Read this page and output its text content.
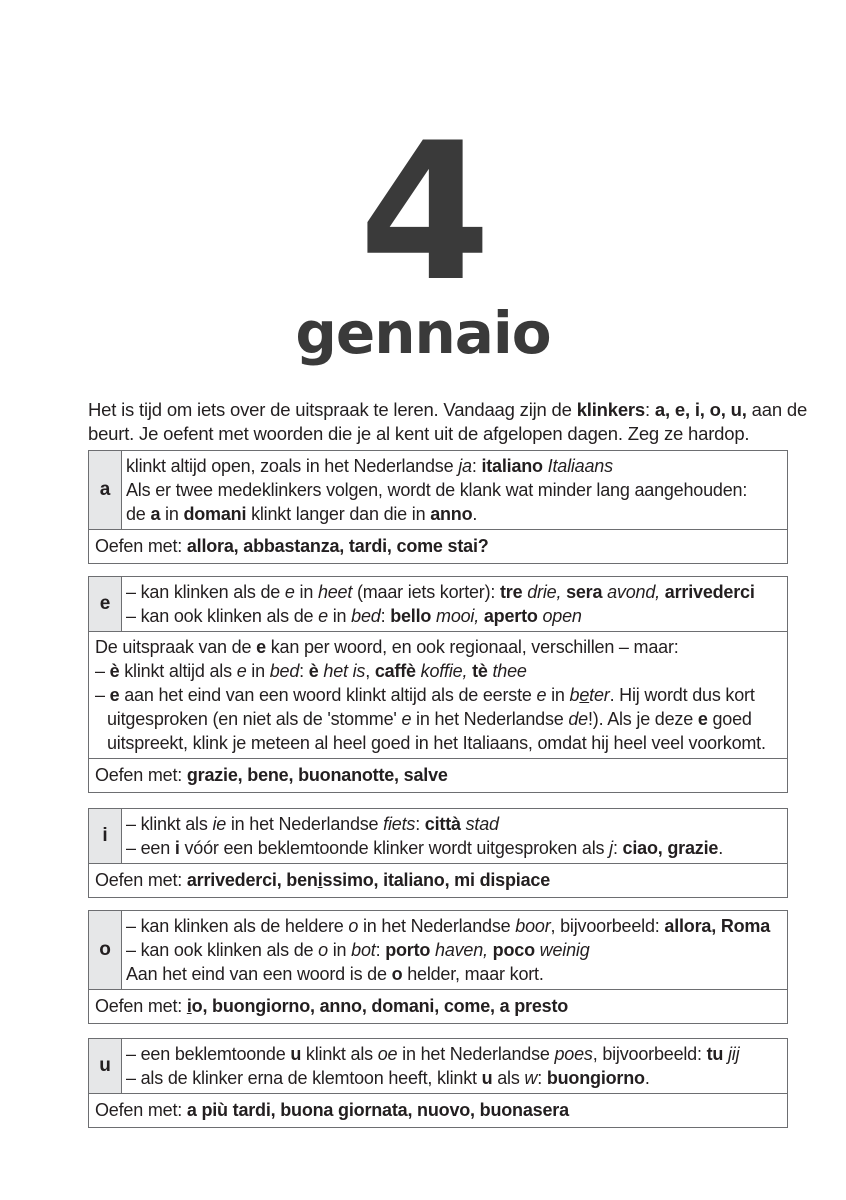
4
gennaio
Het is tijd om iets over de uitspraak te leren. Vandaag zijn de klinkers: a, e, i, o, u, aan de
beurt. Je oefent met woorden die je al kent uit de afgelopen dagen. Zeg ze hardop.
a
klinkt altijd open, zoals in het Nederlandse ja: italiano Italiaans
Als er twee medeklinkers volgen, wordt de klank wat minder lang aangehouden:
de a in domani klinkt langer dan die in anno.
Oefen met: allora, abbastanza, tardi, come stai?
e
– kan klinken als de e in heet (maar iets korter): tre drie, sera avond, arrivederci
– kan ook klinken als de e in bed: bello mooi, aperto open
De uitspraak van de e kan per woord, en ook regionaal, verschillen – maar:
– è klinkt altijd als e in bed: è het is, caffè koffie, tè thee
– e aan het eind van een woord klinkt altijd als de eerste e in beter. Hij wordt dus kort
uitgesproken (en niet als de 'stomme' e in het Nederlandse de!). Als je deze e goed
uitspreekt, klink je meteen al heel goed in het Italiaans, omdat hij heel veel voorkomt.
Oefen met: grazie, bene, buonanotte, salve
i
– klinkt als ie in het Nederlandse fiets: città stad
– een i vóór een beklemtoonde klinker wordt uitgesproken als j: ciao, grazie.
Oefen met: arrivederci, benissimo, italiano, mi dispiace
o
– kan klinken als de heldere o in het Nederlandse boor, bijvoorbeeld: allora, Roma
– kan ook klinken als de o in bot: porto haven, poco weinig
Aan het eind van een woord is de o helder, maar kort.
Oefen met: io, buongiorno, anno, domani, come, a presto
u
– een beklemtoonde u klinkt als oe in het Nederlandse poes, bijvoorbeeld: tu jij
– als de klinker erna de klemtoon heeft, klinkt u als w: buongiorno.
Oefen met: a più tardi, buona giornata, nuovo, buonasera
